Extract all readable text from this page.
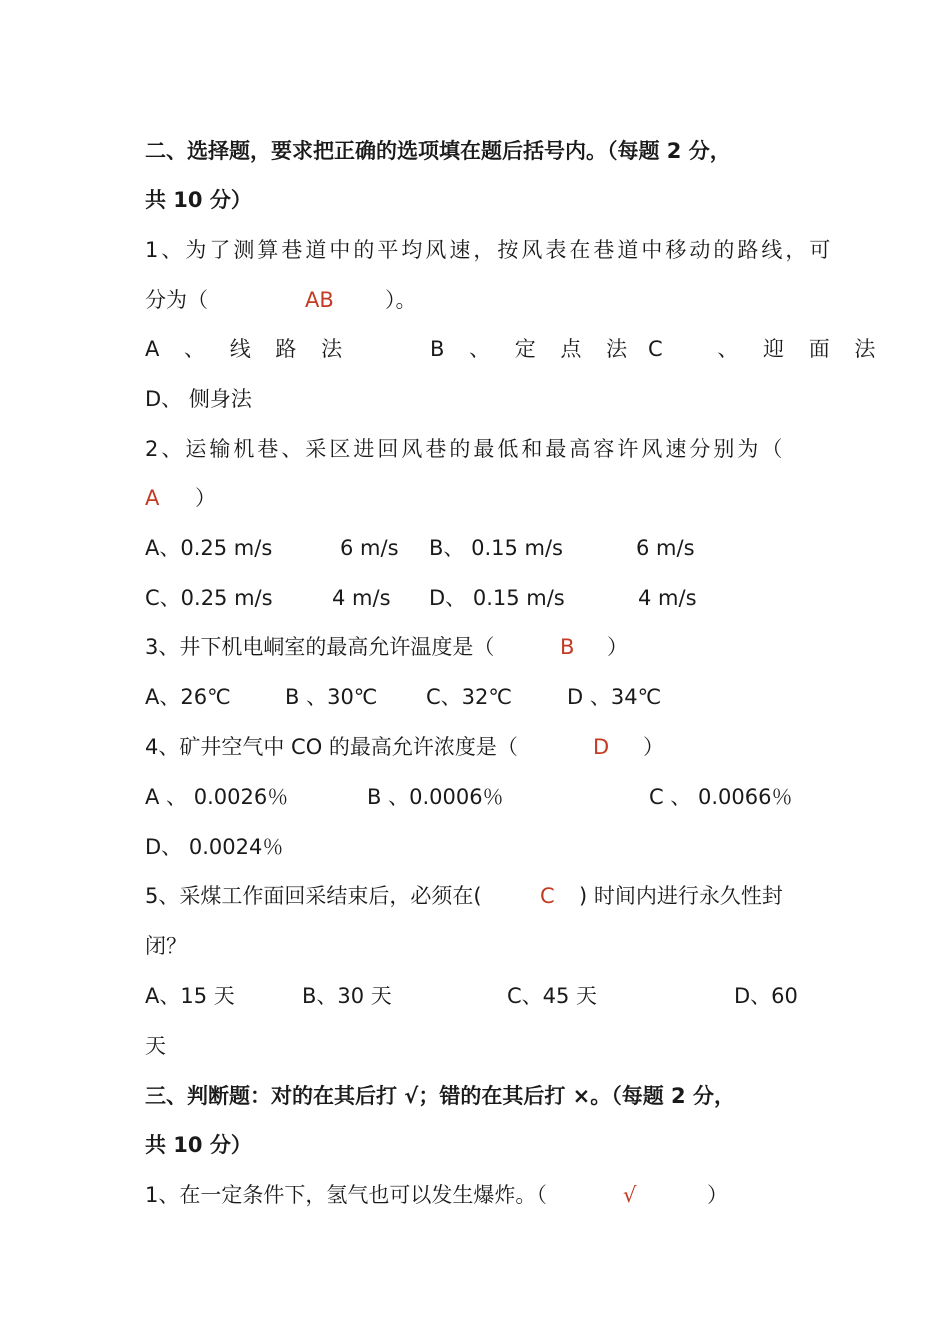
二、选择题，要求把正确的选项填在题后括号内。（每题 2 分，
共 10 分）
1、为了测算巷道中的平均风速，按风表在巷道中移动的路线，可
分为（	AB ）。
A 、 线 路 法	B 、 定 点 法 C 　、 迎 面 法
D、 侧身法
2、运输机巷、采区进回风巷的最低和最高容许风速分别为（
A ）
A、0.25 m/s	6 m/s B、 0.15 m/s	6 m/s
C、0.25 m/s	4 m/s D、 0.15 m/s	4 m/s
3、井下机电峒室的最高允许温度是（	B ）
A、26℃	B 、30℃ C、32℃	D 、34℃
4、矿井空气中 CO 的最高允许浓度是（	D ）
A 、 0.0026％	B 、0.0006％	C 、 0.0066％
D、 0.0024％
5、采煤工作面回采结束后，必须在(	C ) 时间内进行永久性封
闭？
A、15 天	B、30 天	C、45 天	D、60
天
三、判断题：对的在其后打 √；错的在其后打 ×。（每题 2 分，
共 10 分）
1、在一定条件下，氢气也可以发生爆炸。（	√	）
